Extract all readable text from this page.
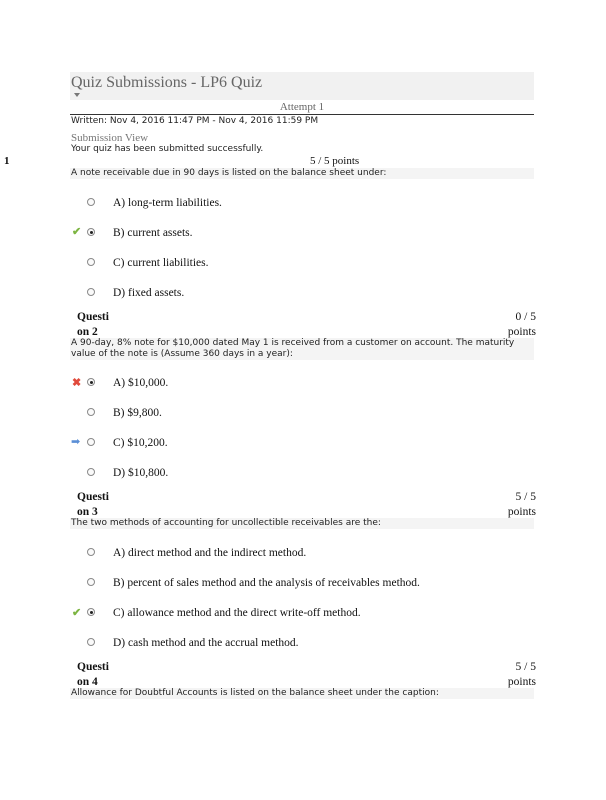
Quiz Submissions - LP6 Quiz
Attempt 1
Written: Nov 4, 2016 11:47 PM - Nov 4, 2016 11:59 PM
Submission View
Your quiz has been submitted successfully.
1	5 / 5 points
A note receivable due in 90 days is listed on the balance sheet under:
A) long-term liabilities.
✔	B) current assets.
C) current liabilities.
D) fixed assets.
Questi
on 2
0 / 5
points
A 90-day, 8% note for $10,000 dated May 1 is received from a customer on account. The maturity value of the note is (Assume 360 days in a year):
✖	A) $10,000.
B) $9,800.
➡	C) $10,200.
D) $10,800.
Questi
on 3
5 / 5
points
The two methods of accounting for uncollectible receivables are the:
A) direct method and the indirect method.
B) percent of sales method and the analysis of receivables method.
✔	C) allowance method and the direct write-off method.
D) cash method and the accrual method.
Questi
on 4
5 / 5
points
Allowance for Doubtful Accounts is listed on the balance sheet under the caption:
